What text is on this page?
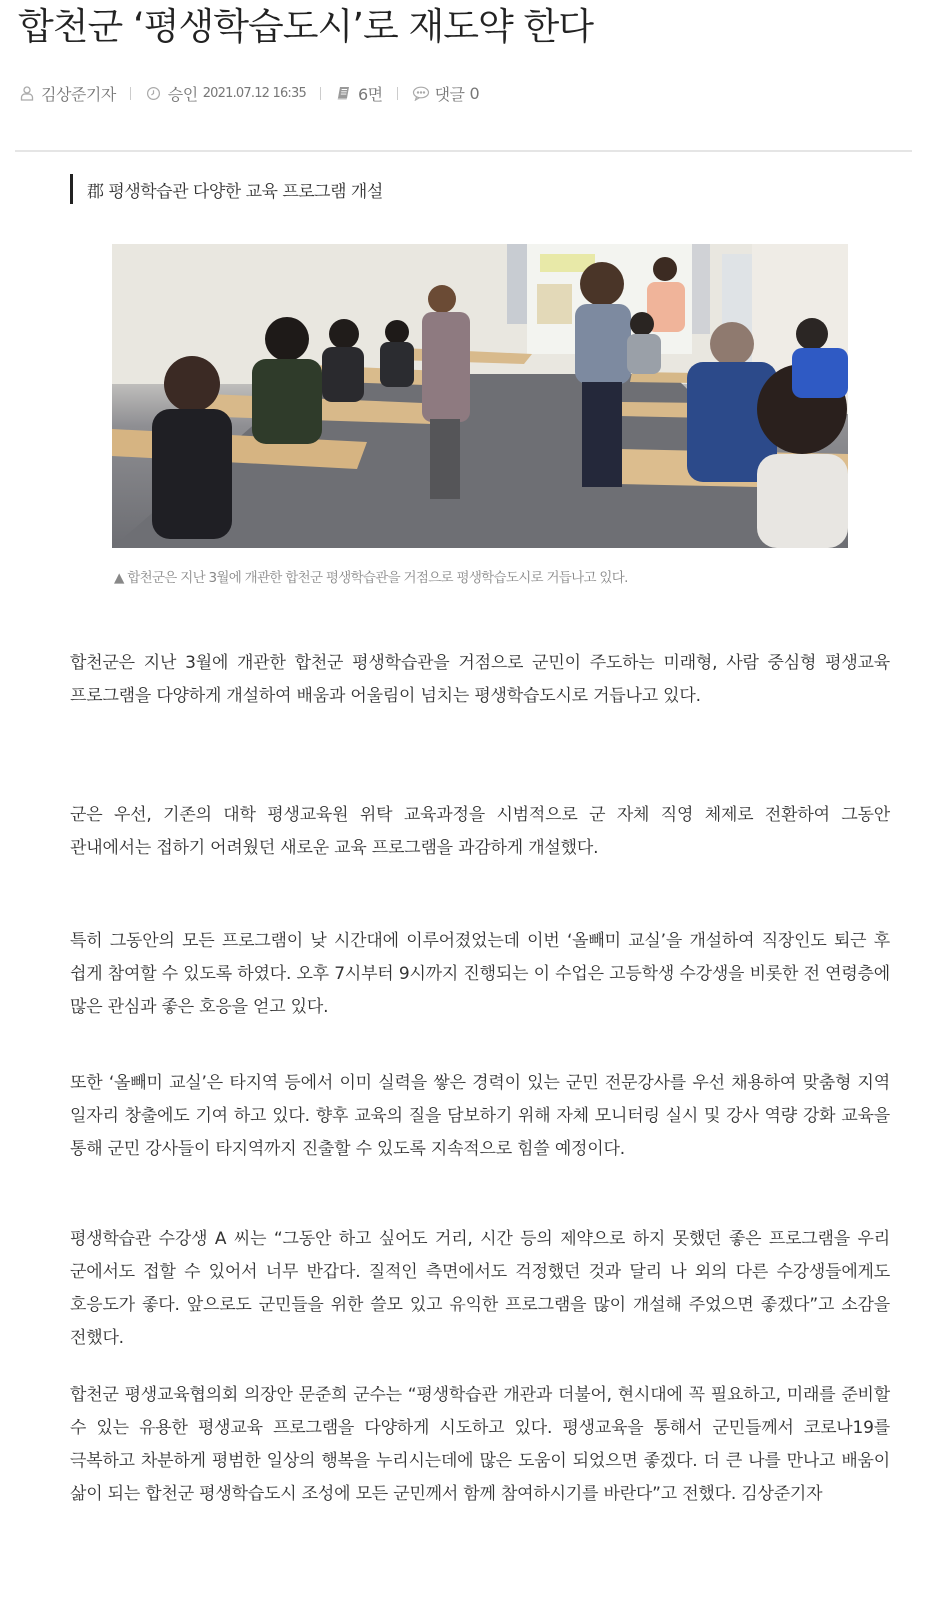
합천군 ‘평생학습도시’로 재도약 한다
김상준기자	승인 2021.07.12 16:35	6면	댓글 0
郡 평생학습관 다양한 교육 프로그램 개설
▲ 합천군은 지난 3월에 개관한 합천군 평생학습관을 거점으로 평생학습도시로 거듭나고 있다.

합천군은 지난 3월에 개관한 합천군 평생학습관을 거점으로 군민이 주도하는 미래형, 사람 중심형 평생교육 프로그램을 다양하게 개설하여 배움과 어울림이 넘치는 평생학습도시로 거듭나고 있다.

군은 우선, 기존의 대학 평생교육원 위탁 교육과정을 시범적으로 군 자체 직영 체제로 전환하여 그동안 관내에서는 접하기 어려웠던 새로운 교육 프로그램을 과감하게 개설했다.

특히 그동안의 모든 프로그램이 낮 시간대에 이루어졌었는데 이번 ‘올빼미 교실’을 개설하여 직장인도 퇴근 후 쉽게 참여할 수 있도록 하였다. 오후 7시부터 9시까지 진행되는 이 수업은 고등학생 수강생을 비롯한 전 연령층에 많은 관심과 좋은 호응을 얻고 있다.

또한 ‘올빼미 교실’은 타지역 등에서 이미 실력을 쌓은 경력이 있는 군민 전문강사를 우선 채용하여 맞춤형 지역 일자리 창출에도 기여 하고 있다. 향후 교육의 질을 담보하기 위해 자체 모니터링 실시 및 강사 역량 강화 교육을 통해 군민 강사들이 타지역까지 진출할 수 있도록 지속적으로 힘쓸 예정이다.

평생학습관 수강생 A 씨는 “그동안 하고 싶어도 거리, 시간 등의 제약으로 하지 못했던 좋은 프로그램을 우리 군에서도 접할 수 있어서 너무 반갑다. 질적인 측면에서도 걱정했던 것과 달리 나 외의 다른 수강생들에게도 호응도가 좋다. 앞으로도 군민들을 위한 쓸모 있고 유익한 프로그램을 많이 개설해 주었으면 좋겠다”고 소감을 전했다.

합천군 평생교육협의회 의장안 문준희 군수는 “평생학습관 개관과 더불어, 현시대에 꼭 필요하고, 미래를 준비할 수 있는 유용한 평생교육 프로그램을 다양하게 시도하고 있다. 평생교육을 통해서 군민들께서 코로나19를 극복하고 차분하게 평범한 일상의 행복을 누리시는데에 많은 도움이 되었으면 좋겠다. 더 큰 나를 만나고 배움이 삶이 되는 합천군 평생학습도시 조성에 모든 군민께서 함께 참여하시기를 바란다”고 전했다. 김상준기자
